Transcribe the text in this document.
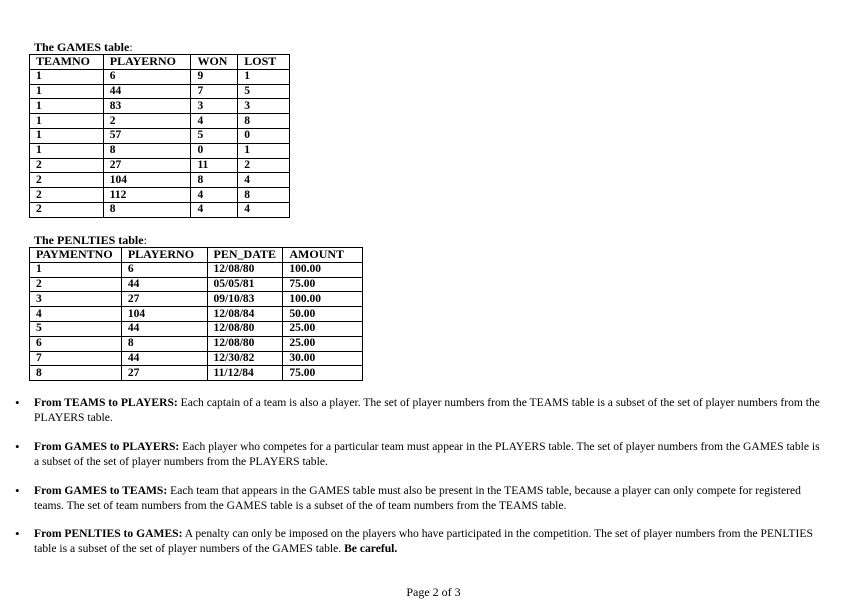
The GAMES table:
TEAMNO	PLAYERNO	WON	LOST
1	6	9	1
1	44	7	5
1	83	3	3
1	2	4	8
1	57	5	0
1	8	0	1
2	27	11	2
2	104	8	4
2	112	4	8
2	8	4	4
The PENLTIES table:
PAYMENTNO	PLAYERNO	PEN_DATE	AMOUNT
1	6	12/08/80	100.00
2	44	05/05/81	75.00
3	27	09/10/83	100.00
4	104	12/08/84	50.00
5	44	12/08/80	25.00
6	8	12/08/80	25.00
7	44	12/30/82	30.00
8	27	11/12/84	75.00
• From TEAMS to PLAYERS: Each captain of a team is also a player. The set of player numbers from the TEAMS table is a subset of the set of player numbers from the PLAYERS table.
• From GAMES to PLAYERS: Each player who competes for a particular team must appear in the PLAYERS table. The set of player numbers from the GAMES table is a subset of the set of player numbers from the PLAYERS table.
• From GAMES to TEAMS: Each team that appears in the GAMES table must also be present in the TEAMS table, because a player can only compete for registered teams. The set of team numbers from the GAMES table is a subset of the of team numbers from the TEAMS table.
• From PENLTIES to GAMES: A penalty can only be imposed on the players who have participated in the competition. The set of player numbers from the PENLTIES table is a subset of the set of player numbers of the GAMES table. Be careful.
Page 2 of 3
